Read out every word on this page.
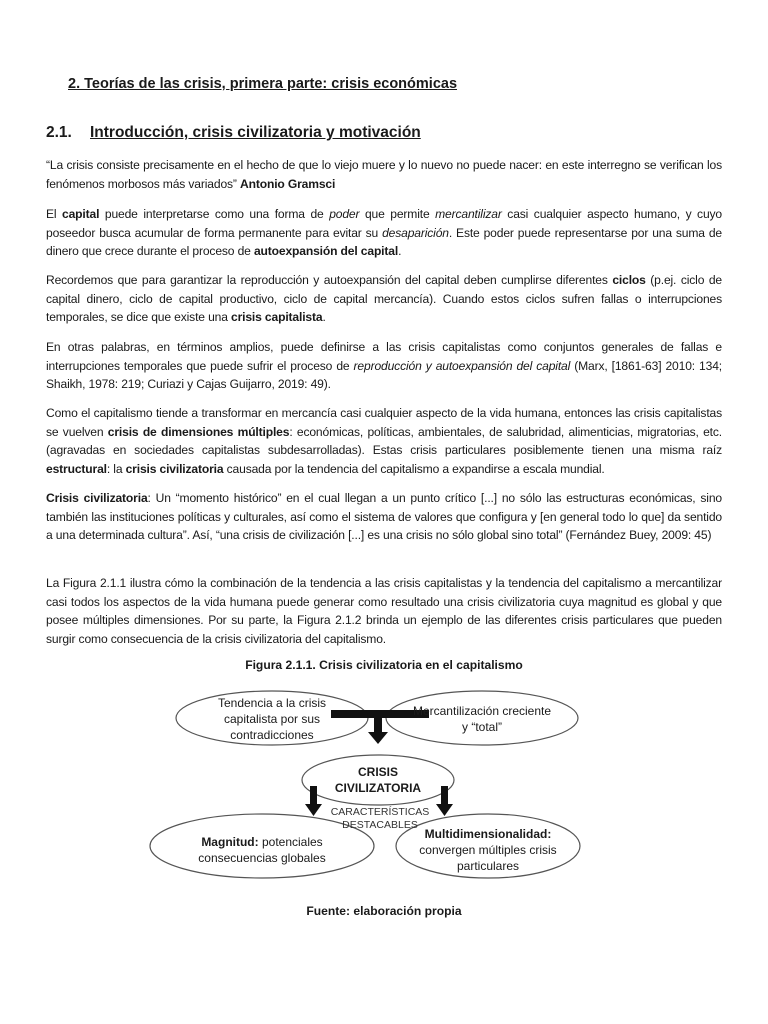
2. Teorías de las crisis, primera parte: crisis económicas
2.1. Introducción, crisis civilizatoria y motivación
“La crisis consiste precisamente en el hecho de que lo viejo muere y lo nuevo no puede nacer: en este interregno se verifican los fenómenos morbosos más variados” Antonio Gramsci
El capital puede interpretarse como una forma de poder que permite mercantilizar casi cualquier aspecto humano, y cuyo poseedor busca acumular de forma permanente para evitar su desaparición. Este poder puede representarse por una suma de dinero que crece durante el proceso de autoexpansión del capital.
Recordemos que para garantizar la reproducción y autoexpansión del capital deben cumplirse diferentes ciclos (p.ej. ciclo de capital dinero, ciclo de capital productivo, ciclo de capital mercancía). Cuando estos ciclos sufren fallas o interrupciones temporales, se dice que existe una crisis capitalista.
En otras palabras, en términos amplios, puede definirse a las crisis capitalistas como conjuntos generales de fallas e interrupciones temporales que puede sufrir el proceso de reproducción y autoexpansión del capital (Marx, [1861-63] 2010: 134; Shaikh, 1978: 219; Curiazi y Cajas Guijarro, 2019: 49).
Como el capitalismo tiende a transformar en mercancía casi cualquier aspecto de la vida humana, entonces las crisis capitalistas se vuelven crisis de dimensiones múltiples: económicas, políticas, ambientales, de salubridad, alimenticias, migratorias, etc. (agravadas en sociedades capitalistas subdesarrolladas). Estas crisis particulares posiblemente tienen una misma raíz estructural: la crisis civilizatoria causada por la tendencia del capitalismo a expandirse a escala mundial.
Crisis civilizatoria: Un “momento histórico” en el cual llegan a un punto crítico [...] no sólo las estructuras económicas, sino también las instituciones políticas y culturales, así como el sistema de valores que configura y [en general todo lo que] da sentido a una determinada cultura”. Así, “una crisis de civilización [...] es una crisis no sólo global sino total” (Fernández Buey, 2009: 45)
La Figura 2.1.1 ilustra cómo la combinación de la tendencia a las crisis capitalistas y la tendencia del capitalismo a mercantilizar casi todos los aspectos de la vida humana puede generar como resultado una crisis civilizatoria cuya magnitud es global y que posee múltiples dimensiones. Por su parte, la Figura 2.1.2 brinda un ejemplo de las diferentes crisis particulares que pueden surgir como consecuencia de la crisis civilizatoria del capitalismo.
Figura 2.1.1. Crisis civilizatoria en el capitalismo
Tendencia a la crisis capitalista por sus contradicciones
Mercantilización creciente y “total”
CRISIS CIVILIZATORIA
CARACTERÍSTICAS DESTACABLES
Magnitud: potenciales consecuencias globales
Multidimensionalidad:
convergen múltiples crisis particulares
Fuente: elaboración propia
